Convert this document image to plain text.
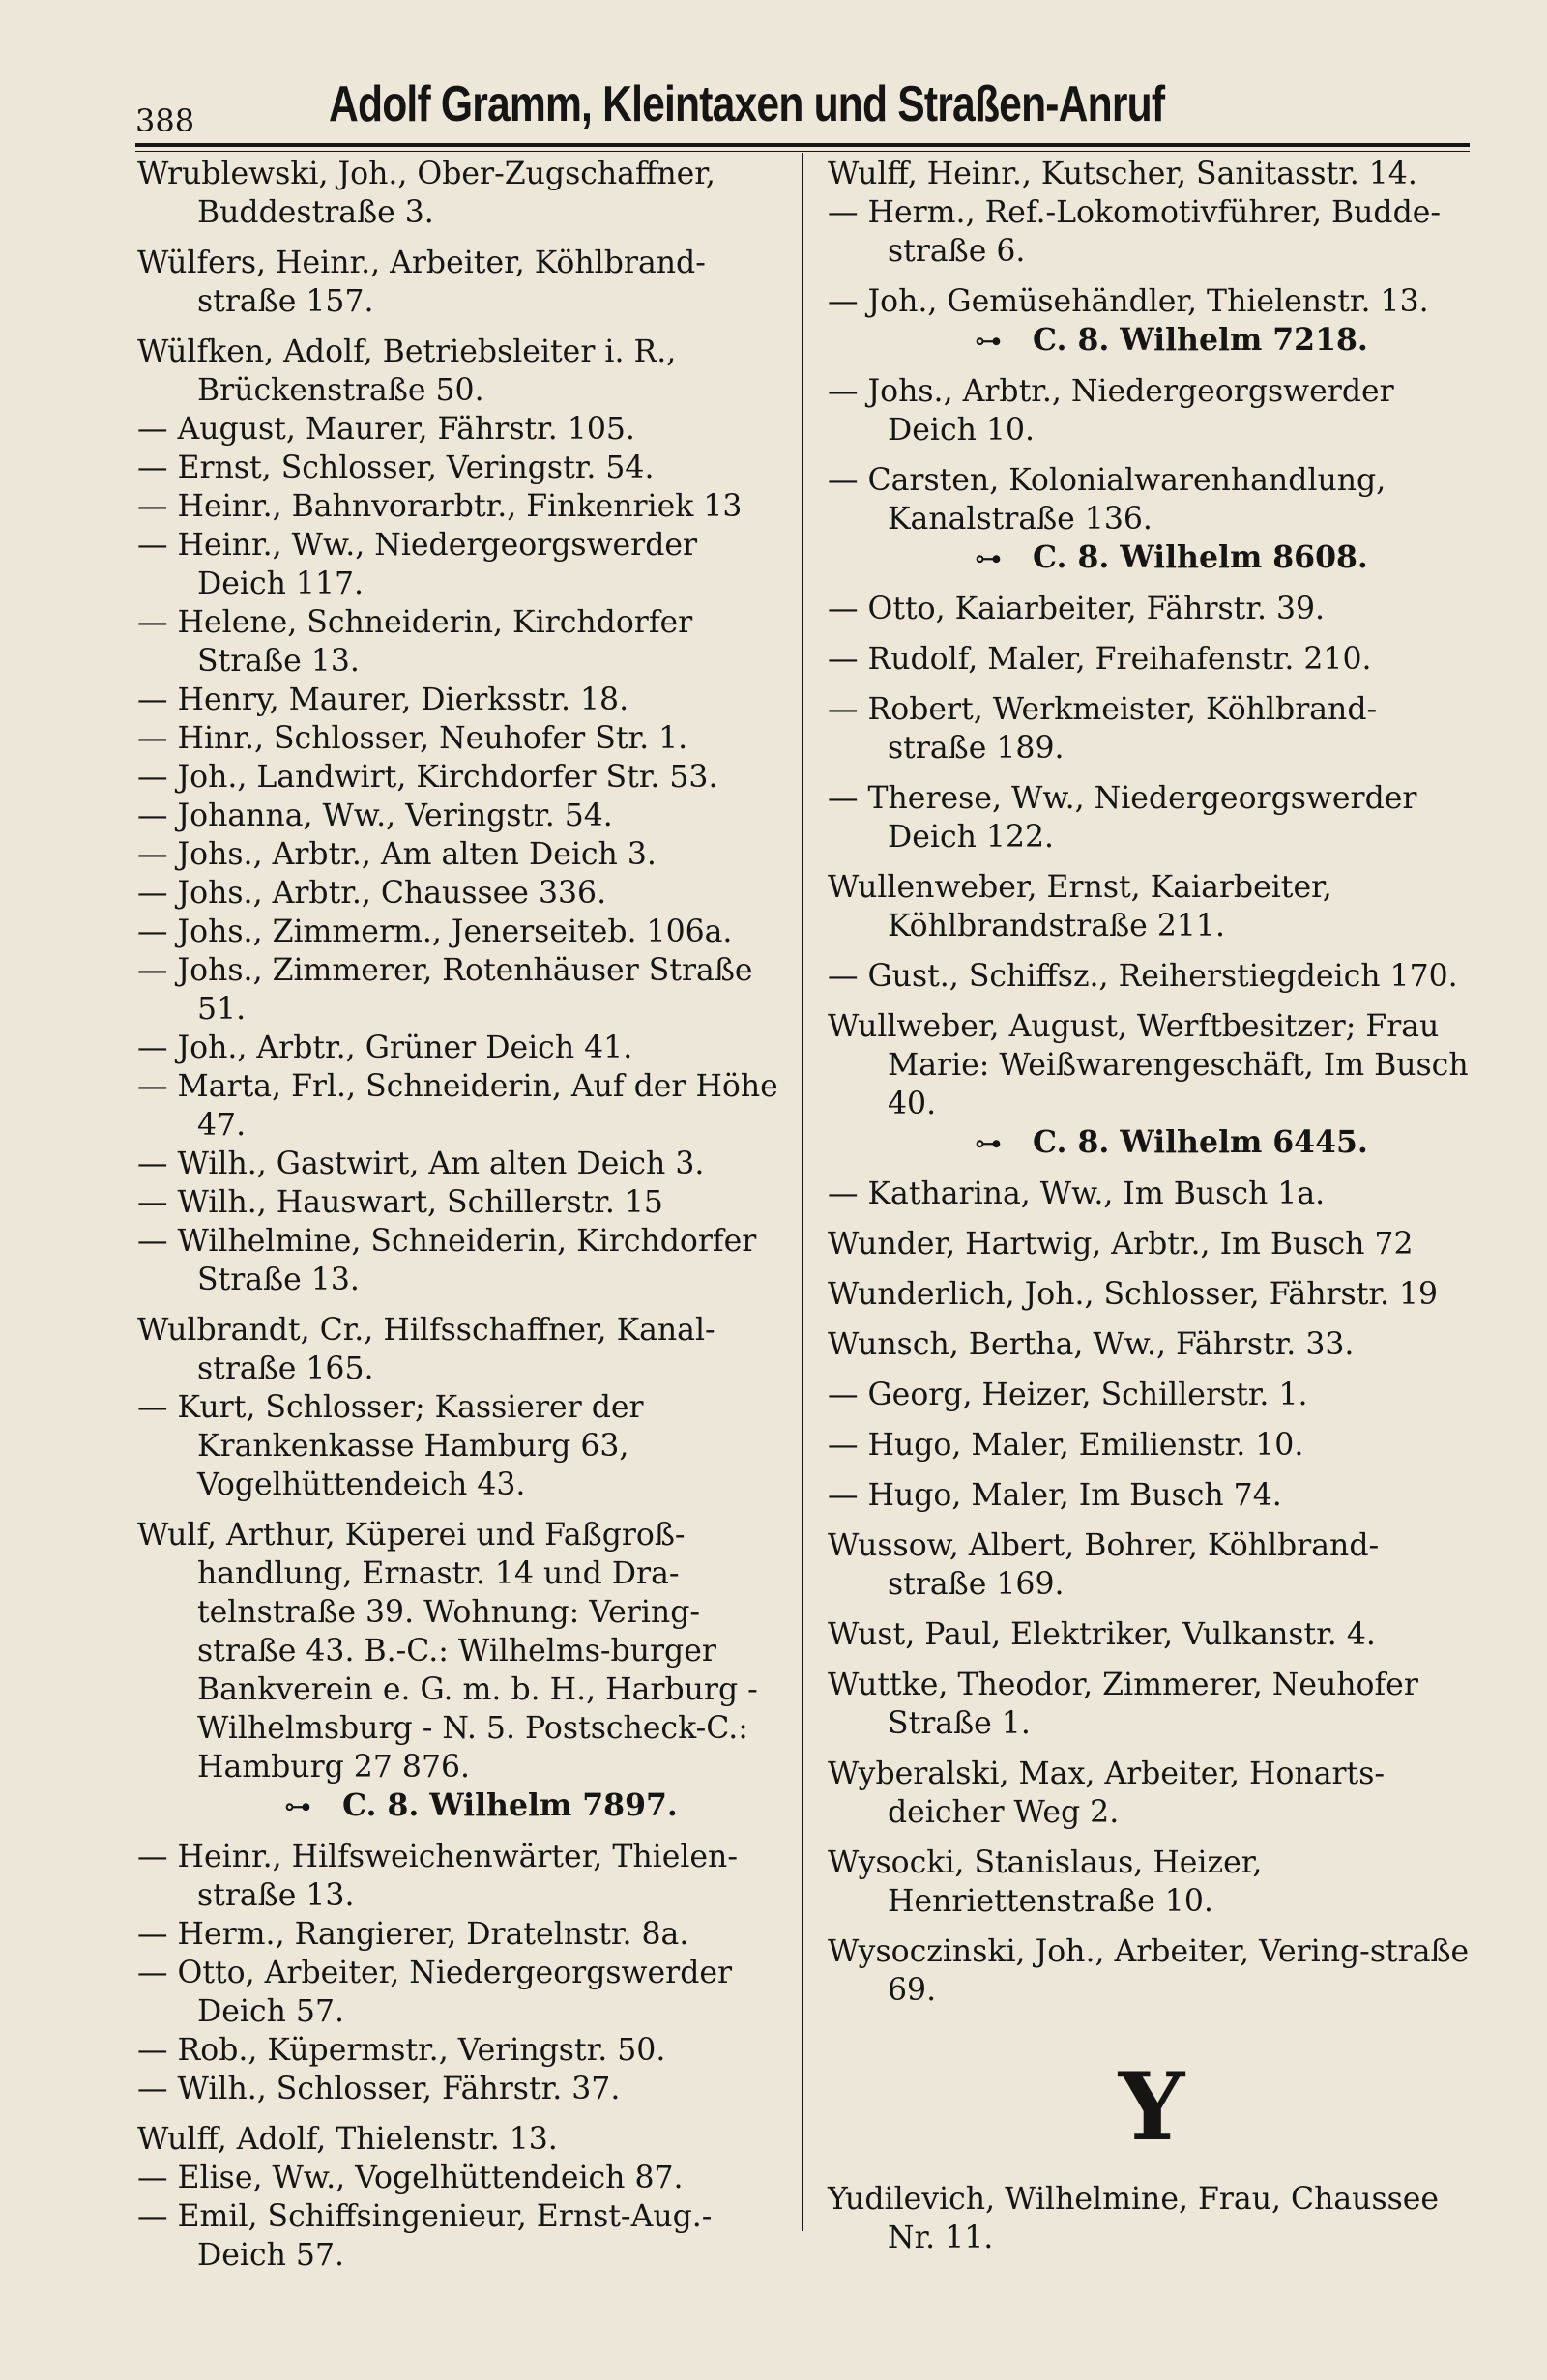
388	Adolf Gramm, Kleintaxen und Straßen-Anruf
Wrublewski, Joh., Ober-Zugschaffner, Buddestraße 3.
Wülfers, Heinr., Arbeiter, Köhlbrand-straße 157.
Wülfken, Adolf, Betriebsleiter i. R., Brückenstraße 50.
— August, Maurer, Fährstr. 105.
— Ernst, Schlosser, Veringstr. 54.
— Heinr., Bahnvorarbtr., Finkenriek 13
— Heinr., Ww., Niedergeorgswerder Deich 117.
— Helene, Schneiderin, Kirchdorfer Straße 13.
— Henry, Maurer, Dierksstr. 18.
— Hinr., Schlosser, Neuhofer Str. 1.
— Joh., Landwirt, Kirchdorfer Str. 53.
— Johanna, Ww., Veringstr. 54.
— Johs., Arbtr., Am alten Deich 3.
— Johs., Arbtr., Chaussee 336.
— Johs., Zimmerm., Jenerseiteb. 106a.
— Johs., Zimmerer, Rotenhäuser Straße 51.
— Joh., Arbtr., Grüner Deich 41.
— Marta, Frl., Schneiderin, Auf der Höhe 47.
— Wilh., Gastwirt, Am alten Deich 3.
— Wilh., Hauswart, Schillerstr. 15
— Wilhelmine, Schneiderin, Kirchdorfer Straße 13.
Wulbrandt, Cr., Hilfsschaffner, Kanal-straße 165.
— Kurt, Schlosser; Kassierer der Krankenkasse Hamburg 63, Vogelhüttendeich 43.
Wulf, Arthur, Küperei und Faßgroß-handlung, Ernastr. 14 und Dra-telnstraße 39. Wohnung: Vering-straße 43. B.-C.: Wilhelms-burger Bankverein e. G. m. b. H., Harburg - Wilhelmsburg - N. 5. Postscheck-C.: Hamburg 27 876.
⊶ C. 8. Wilhelm 7897.
— Heinr., Hilfsweichenwärter, Thielen-straße 13.
— Herm., Rangierer, Dratelnstr. 8a.
— Otto, Arbeiter, Niedergeorgswerder Deich 57.
— Rob., Küpermstr., Veringstr. 50.
— Wilh., Schlosser, Fährstr. 37.
Wulff, Adolf, Thielenstr. 13.
— Elise, Ww., Vogelhüttendeich 87.
— Emil, Schiffsingenieur, Ernst-Aug.-Deich 57.
Wulff, Heinr., Kutscher, Sanitasstr. 14.
— Herm., Ref.-Lokomotivführer, Budde-straße 6.
— Joh., Gemüsehändler, Thielenstr. 13.
⊶ C. 8. Wilhelm 7218.
— Johs., Arbtr., Niedergeorgswerder Deich 10.
— Carsten, Kolonialwarenhandlung, Kanalstraße 136.
⊶ C. 8. Wilhelm 8608.
— Otto, Kaiarbeiter, Fährstr. 39.
— Rudolf, Maler, Freihafenstr. 210.
— Robert, Werkmeister, Köhlbrand-straße 189.
— Therese, Ww., Niedergeorgswerder Deich 122.
Wullenweber, Ernst, Kaiarbeiter, Köhlbrandstraße 211.
— Gust., Schiffsz., Reiherstiegdeich 170.
Wullweber, August, Werftbesitzer; Frau Marie: Weißwarengeschäft, Im Busch 40.
⊶ C. 8. Wilhelm 6445.
— Katharina, Ww., Im Busch 1a.
Wunder, Hartwig, Arbtr., Im Busch 72
Wunderlich, Joh., Schlosser, Fährstr. 19
Wunsch, Bertha, Ww., Fährstr. 33.
— Georg, Heizer, Schillerstr. 1.
— Hugo, Maler, Emilienstr. 10.
— Hugo, Maler, Im Busch 74.
Wussow, Albert, Bohrer, Köhlbrand-straße 169.
Wust, Paul, Elektriker, Vulkanstr. 4.
Wuttke, Theodor, Zimmerer, Neuhofer Straße 1.
Wyberalski, Max, Arbeiter, Honarts-deicher Weg 2.
Wysocki, Stanislaus, Heizer, Henriettenstraße 10.
Wysoczinski, Joh., Arbeiter, Vering-straße 69.
Y
Yudilevich, Wilhelmine, Frau, Chaussee Nr. 11.
